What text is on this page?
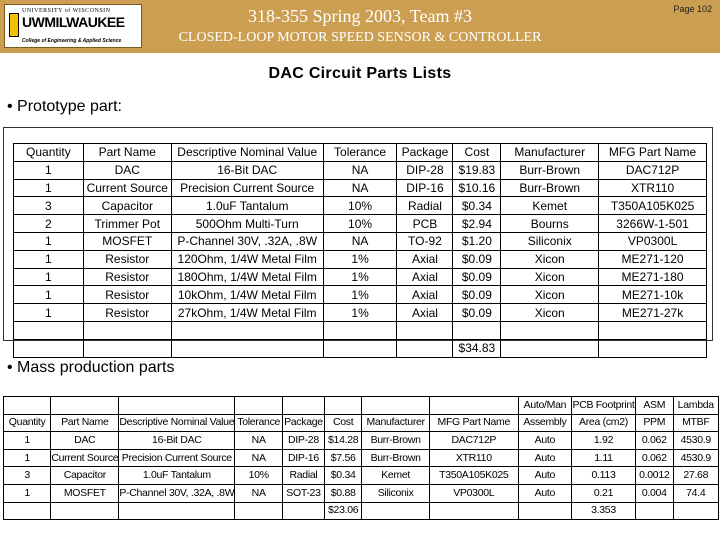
UNIVERSITY of WISCONSIN
UWMILWAUKEE
College of Engineering & Applied Science
318-355 Spring 2003, Team #3
CLOSED-LOOP MOTOR SPEED SENSOR & CONTROLLER
Page 102
DAC Circuit Parts Lists
• Prototype part:
Quantity	Part Name	Descriptive Nominal Value	Tolerance	Package	Cost	Manufacturer	MFG Part Name
1	DAC	16-Bit DAC	NA	DIP-28	$19.83	Burr-Brown	DAC712P
1	Current Source	Precision Current Source	NA	DIP-16	$10.16	Burr-Brown	XTR110
3	Capacitor	1.0uF Tantalum	10%	Radial	$0.34	Kemet	T350A105K025
2	Trimmer Pot	500Ohm Multi-Turn	10%	PCB	$2.94	Bourns	3266W-1-501
1	MOSFET	P-Channel 30V, .32A, .8W	NA	TO-92	$1.20	Siliconix	VP0300L
1	Resistor	120Ohm, 1/4W Metal Film	1%	Axial	$0.09	Xicon	ME271-120
1	Resistor	180Ohm, 1/4W Metal Film	1%	Axial	$0.09	Xicon	ME271-180
1	Resistor	10kOhm, 1/4W Metal Film	1%	Axial	$0.09	Xicon	ME271-10k
1	Resistor	27kOhm, 1/4W Metal Film	1%	Axial	$0.09	Xicon	ME271-27k

					$34.83		
• Mass production parts
								Auto/Man	PCB Footprint	ASM	Lambda
Quantity	Part Name	Descriptive Nominal Value	Tolerance	Package	Cost	Manufacturer	MFG Part Name	Assembly	Area (cm2)	PPM	MTBF
1	DAC	16-Bit DAC	NA	DIP-28	$14.28	Burr-Brown	DAC712P	Auto	1.92	0.062	4530.9
1	Current Source	Precision Current Source	NA	DIP-16	$7.56	Burr-Brown	XTR110	Auto	1.11	0.062	4530.9
3	Capacitor	1.0uF Tantalum	10%	Radial	$0.34	Kemet	T350A105K025	Auto	0.113	0.0012	27.68
1	MOSFET	P-Channel 30V, .32A, .8W	NA	SOT-23	$0.88	Siliconix	VP0300L	Auto	0.21	0.004	74.4
					$23.06				3.353		
